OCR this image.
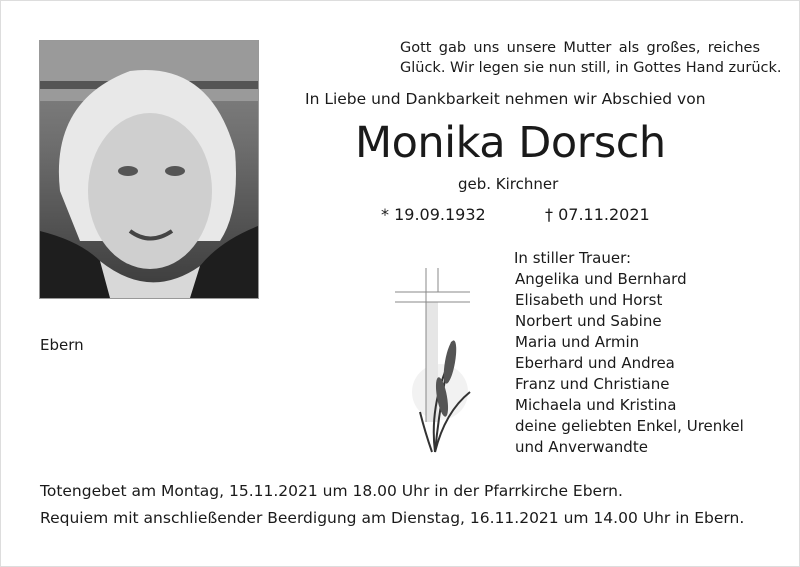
Gott gab uns unsere Mutter als großes, reiches
Glück. Wir legen sie nun still, in Gottes Hand zurück.
In Liebe und Dankbarkeit nehmen wir Abschied von
Monika Dorsch
geb. Kirchner
* 19.09.1932	† 07.11.2021
In stiller Trauer:
Angelika und Bernhard
Elisabeth und Horst
Norbert und Sabine
Maria und Armin
Eberhard und Andrea
Franz und Christiane
Michaela und Kristina
deine geliebten Enkel, Urenkel
und Anverwandte
Ebern
Totengebet am Montag, 15.11.2021 um 18.00 Uhr in der Pfarrkirche Ebern.
Requiem mit anschließender Beerdigung am Dienstag, 16.11.2021 um 14.00 Uhr in Ebern.
